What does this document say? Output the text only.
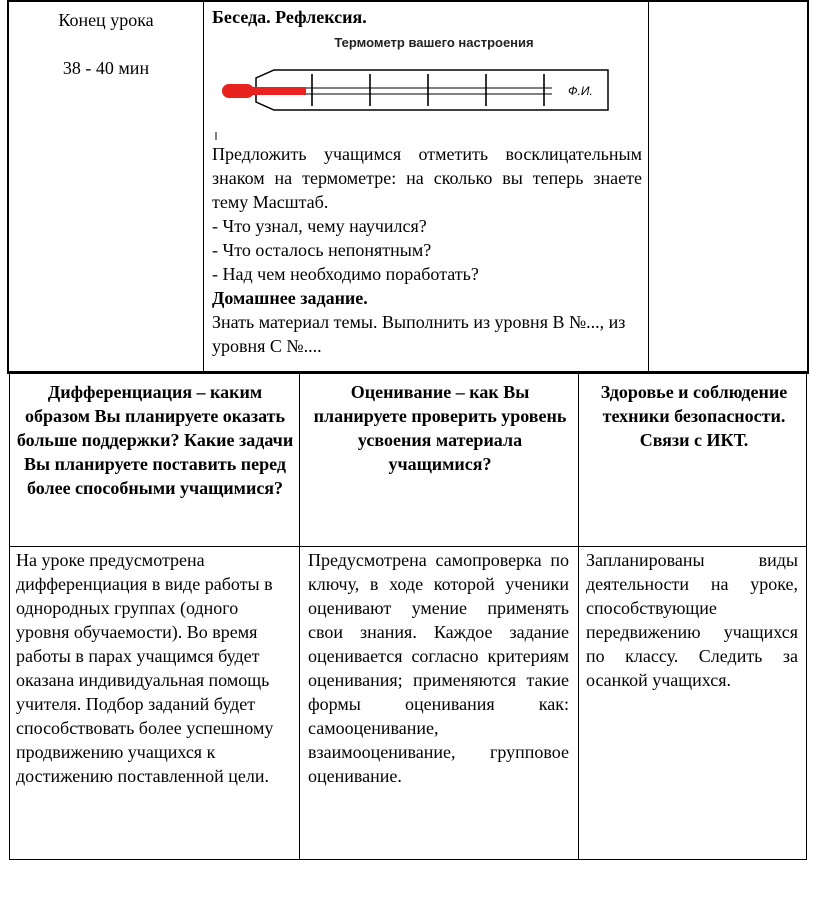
Конец урока

38 - 40 мин
Беседа. Рефлексия.
Термометр вашего настроения
Ф.И.
Предложить учащимся отметить восклицательным знаком на термометре: на сколько вы теперь знаете тему Масштаб.
- Что узнал, чему научился?
- Что осталось непонятным?
- Над чем необходимо поработать?
Домашнее задание.
Знать материал темы. Выполнить из уровня В №..., из уровня С №....
Дифференциация – каким образом Вы планируете оказать больше поддержки? Какие задачи Вы планируете поставить перед более способными учащимися?
Оценивание – как Вы планируете проверить уровень усвоения материала учащимися?
Здоровье и соблюдение техники безопасности. Связи с ИКТ.
На уроке предусмотрена дифференциация в виде работы в однородных группах (одного уровня обучаемости). Во время работы в парах учащимся будет оказана индивидуальная помощь учителя. Подбор заданий будет способствовать более успешному продвижению учащихся к достижению поставленной цели.
Предусмотрена самопроверка по ключу, в ходе которой ученики оценивают умение применять свои знания. Каждое задание оценивается согласно критериям оценивания; применяются такие формы оценивания как: самооценивание, взаимооценивание, групповое оценивание.
Запланированы виды деятельности на уроке, способствующие передвижению учащихся по классу. Следить за осанкой учащихся.
